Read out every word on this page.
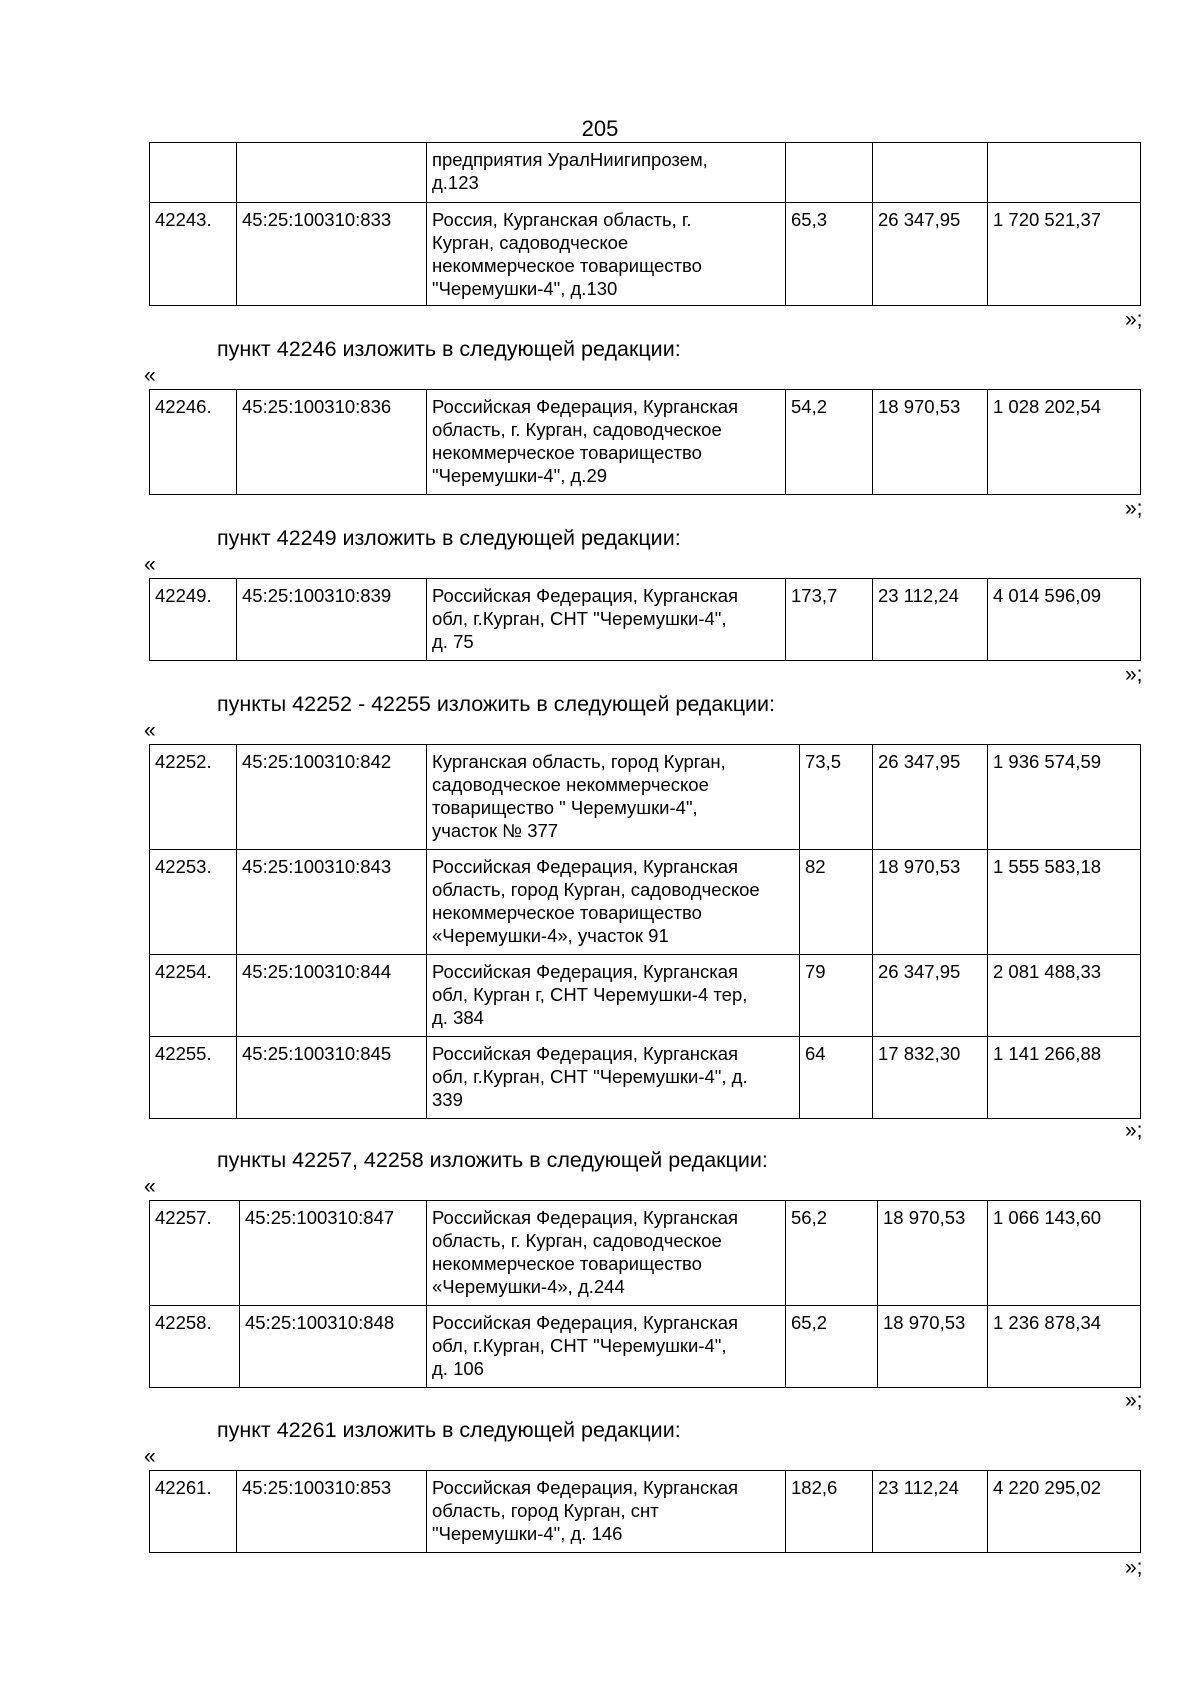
205
		предприятия УралНиигипрозем,
д.123			
42243.	45:25:100310:833	Россия, Курганская область, г.
Курган, садоводческое
некоммерческое товарищество
"Черемушки-4", д.130	65,3	26 347,95	1 720 521,37
»;
пункт 42246 изложить в следующей редакции:
«
42246.	45:25:100310:836	Российская Федерация, Курганская
область, г. Курган, садоводческое
некоммерческое товарищество
"Черемушки-4", д.29	54,2	18 970,53	1 028 202,54
»;
пункт 42249 изложить в следующей редакции:
«
42249.	45:25:100310:839	Российская Федерация, Курганская
обл, г.Курган, СНТ "Черемушки-4",
д. 75	173,7	23 112,24	4 014 596,09
»;
пункты 42252 - 42255 изложить в следующей редакции:
«
42252.	45:25:100310:842	Курганская область, город Курган,
садоводческое некоммерческое
товарищество " Черемушки-4",
участок № 377	73,5	26 347,95	1 936 574,59
42253.	45:25:100310:843	Российская Федерация, Курганская
область, город Курган, садоводческое
некоммерческое товарищество
«Черемушки-4», участок 91	82	18 970,53	1 555 583,18
42254.	45:25:100310:844	Российская Федерация, Курганская
обл, Курган г, СНТ Черемушки-4 тер,
д. 384	79	26 347,95	2 081 488,33
42255.	45:25:100310:845	Российская Федерация, Курганская
обл, г.Курган, СНТ "Черемушки-4", д.
339	64	17 832,30	1 141 266,88
»;
пункты 42257, 42258 изложить в следующей редакции:
«
42257.	45:25:100310:847	Российская Федерация, Курганская
область, г. Курган, садоводческое
некоммерческое товарищество
«Черемушки-4», д.244	56,2	18 970,53	1 066 143,60
42258.	45:25:100310:848	Российская Федерация, Курганская
обл, г.Курган, СНТ "Черемушки-4",
д. 106	65,2	18 970,53	1 236 878,34
»;
пункт 42261 изложить в следующей редакции:
«
42261.	45:25:100310:853	Российская Федерация, Курганская
область, город Курган, снт
"Черемушки-4", д. 146	182,6	23 112,24	4 220 295,02
»;
